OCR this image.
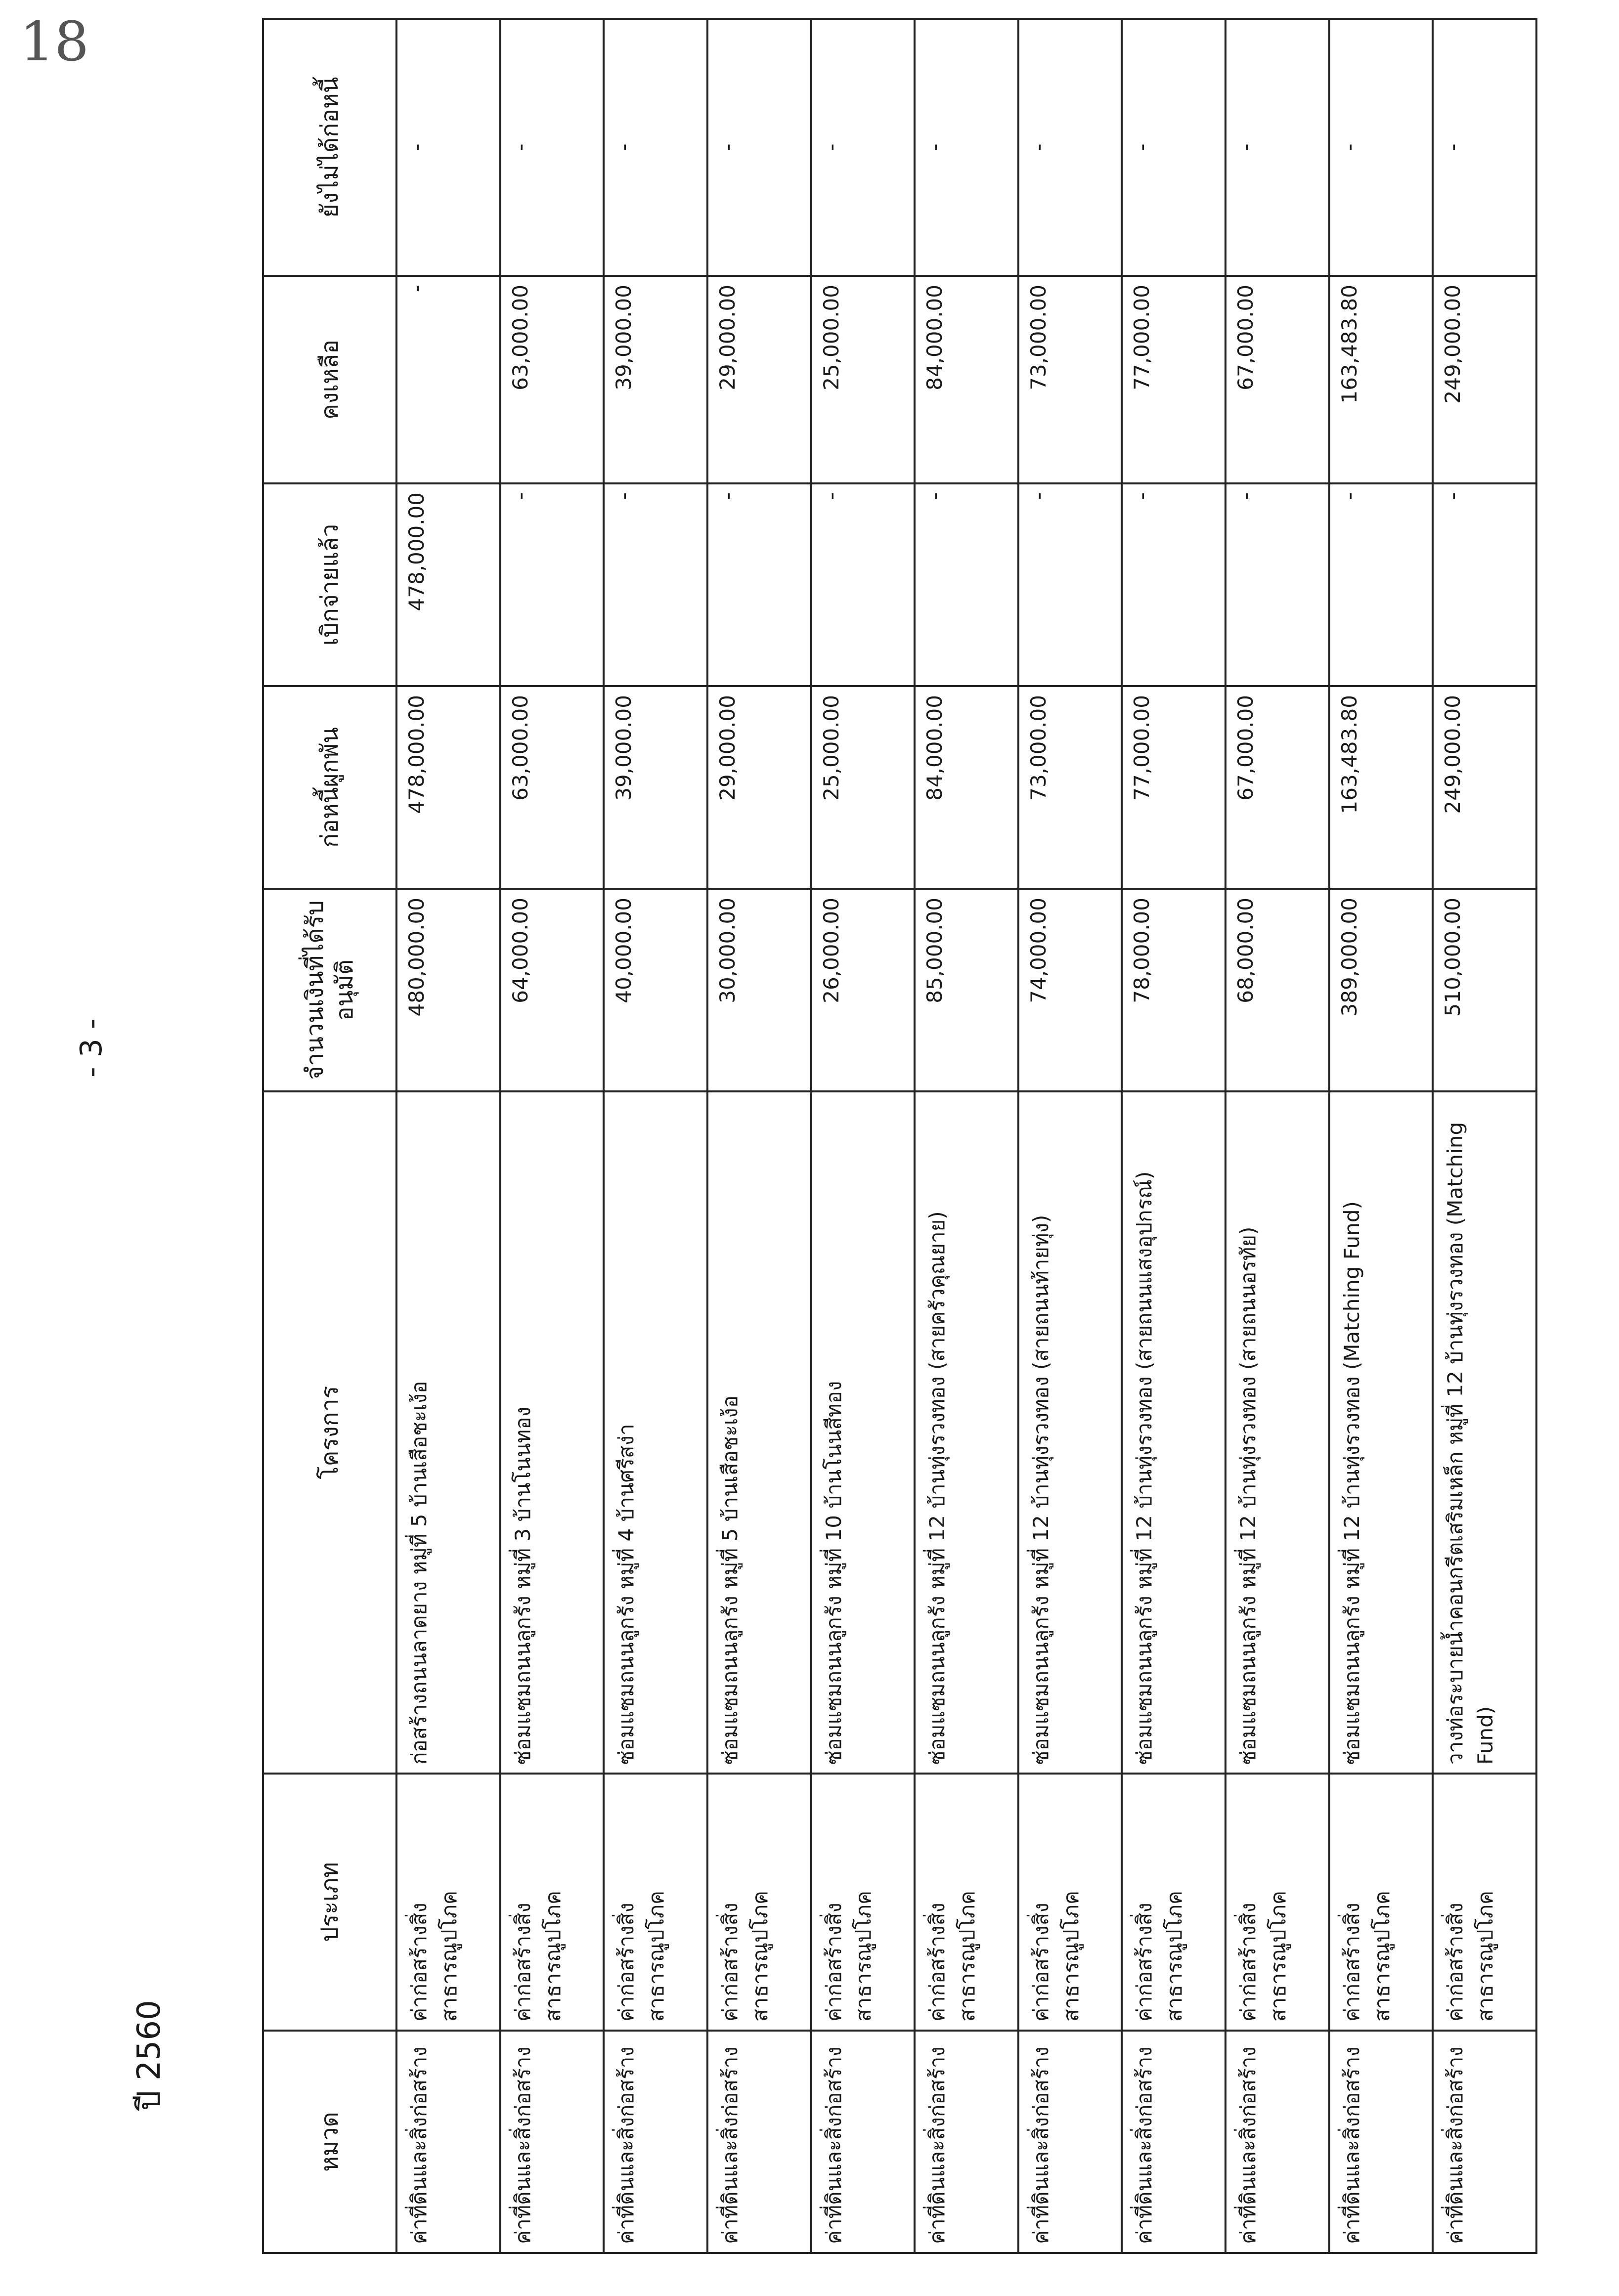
18
- 3 -
ปี 2560
หมวด	ประเภท	โครงการ	จำนวนเงินที่ได้รับอนุมัติ	ก่อหนี้ผูกพัน	เบิกจ่ายแล้ว	คงเหลือ	ยังไม่ได้ก่อหนี้
ค่าที่ดินและสิ่งก่อสร้าง	ค่าก่อสร้างสิ่งสาธารณูปโภค	ก่อสร้างถนนลาดยาง หมู่ที่ 5 บ้านเสือชะเง้อ	480,000.00	478,000.00	478,000.00	-	-
ค่าที่ดินและสิ่งก่อสร้าง	ค่าก่อสร้างสิ่งสาธารณูปโภค	ซ่อมแซมถนนลูกรัง หมู่ที่ 3 บ้านโนนทอง	64,000.00	63,000.00	-	63,000.00	-
ค่าที่ดินและสิ่งก่อสร้าง	ค่าก่อสร้างสิ่งสาธารณูปโภค	ซ่อมแซมถนนลูกรัง หมู่ที่ 4 บ้านศรีสง่า	40,000.00	39,000.00	-	39,000.00	-
ค่าที่ดินและสิ่งก่อสร้าง	ค่าก่อสร้างสิ่งสาธารณูปโภค	ซ่อมแซมถนนลูกรัง หมู่ที่ 5 บ้านเสือชะเง้อ	30,000.00	29,000.00	-	29,000.00	-
ค่าที่ดินและสิ่งก่อสร้าง	ค่าก่อสร้างสิ่งสาธารณูปโภค	ซ่อมแซมถนนลูกรัง หมู่ที่ 10 บ้านโนนสีทอง	26,000.00	25,000.00	-	25,000.00	-
ค่าที่ดินและสิ่งก่อสร้าง	ค่าก่อสร้างสิ่งสาธารณูปโภค	ซ่อมแซมถนนลูกรัง หมู่ที่ 12 บ้านทุ่งรวงทอง (สายครัวคุณยาย)	85,000.00	84,000.00	-	84,000.00	-
ค่าที่ดินและสิ่งก่อสร้าง	ค่าก่อสร้างสิ่งสาธารณูปโภค	ซ่อมแซมถนนลูกรัง หมู่ที่ 12 บ้านทุ่งรวงทอง (สายถนนท้ายทุ่ง)	74,000.00	73,000.00	-	73,000.00	-
ค่าที่ดินและสิ่งก่อสร้าง	ค่าก่อสร้างสิ่งสาธารณูปโภค	ซ่อมแซมถนนลูกรัง หมู่ที่ 12 บ้านทุ่งรวงทอง (สายถนนแสงอุปกรณ์)	78,000.00	77,000.00	-	77,000.00	-
ค่าที่ดินและสิ่งก่อสร้าง	ค่าก่อสร้างสิ่งสาธารณูปโภค	ซ่อมแซมถนนลูกรัง หมู่ที่ 12 บ้านทุ่งรวงทอง (สายถนนอรทัย)	68,000.00	67,000.00	-	67,000.00	-
ค่าที่ดินและสิ่งก่อสร้าง	ค่าก่อสร้างสิ่งสาธารณูปโภค	ซ่อมแซมถนนลูกรัง หมู่ที่ 12 บ้านทุ่งรวงทอง (Matching Fund)	389,000.00	163,483.80	-	163,483.80	-
ค่าที่ดินและสิ่งก่อสร้าง	ค่าก่อสร้างสิ่งสาธารณูปโภค	วางท่อระบายน้ำคอนกรีตเสริมเหล็ก หมู่ที่ 12 บ้านทุ่งรวงทอง (Matching Fund)	510,000.00	249,000.00	-	249,000.00	-
